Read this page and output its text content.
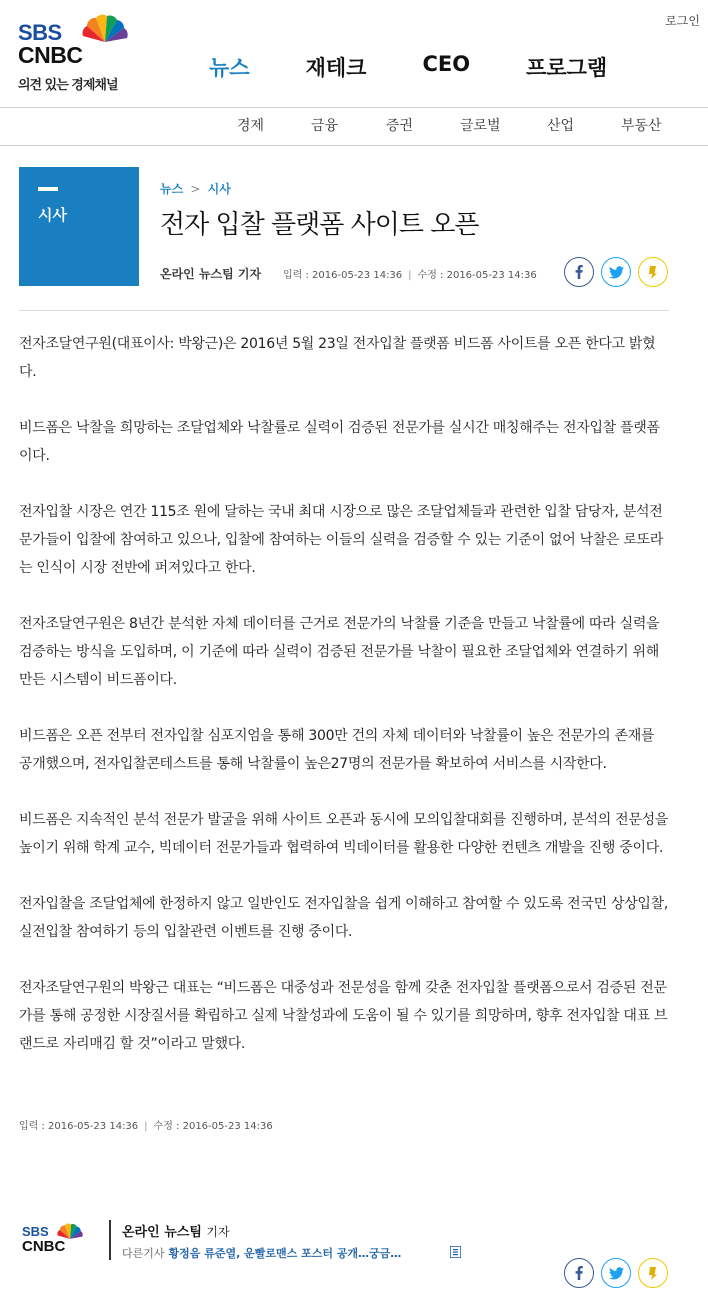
SBS
CNBC
의견 있는 경제채널
로그인
뉴스	재테크	CEO	프로그램
경제	금융	증권	글로벌	산업	부동산
시사
뉴스 > 시사
전자 입찰 플랫폼 사이트 오픈
온라인 뉴스팀 기자 입력 : 2016-05-23 14:36 | 수정 : 2016-05-23 14:36

전자조달연구원(대표이사: 박왕근)은 2016년 5월 23일 전자입찰 플랫폼 비드폼 사이트를 오픈 한다고 밝혔다.

비드폼은 낙찰을 희망하는 조달업체와 낙찰률로 실력이 검증된 전문가를 실시간 매칭해주는 전자입찰 플랫폼이다.

전자입찰 시장은 연간 115조 원에 달하는 국내 최대 시장으로 많은 조달업체들과 관련한 입찰 담당자, 분석전문가들이 입찰에 참여하고 있으나, 입찰에 참여하는 이들의 실력을 검증할 수 있는 기준이 없어 낙찰은 로또라는 인식이 시장 전반에 퍼져있다고 한다.

전자조달연구원은 8년간 분석한 자체 데이터를 근거로 전문가의 낙찰률 기준을 만들고 낙찰률에 따라 실력을 검증하는 방식을 도입하며, 이 기준에 따라 실력이 검증된 전문가를 낙찰이 필요한 조달업체와 연결하기 위해 만든 시스템이 비드폼이다.

비드폼은 오픈 전부터 전자입찰 심포지엄을 통해 300만 건의 자체 데이터와 낙찰률이 높은 전문가의 존재를 공개했으며, 전자입찰콘테스트를 통해 낙찰률이 높은27명의 전문가를 확보하여 서비스를 시작한다.

비드폼은 지속적인 분석 전문가 발굴을 위해 사이트 오픈과 동시에 모의입찰대회를 진행하며, 분석의 전문성을 높이기 위해 학계 교수, 빅데이터 전문가들과 협력하여 빅데이터를 활용한 다양한 컨텐츠 개발을 진행 중이다.

전자입찰을 조달업체에 한정하지 않고 일반인도 전자입찰을 쉽게 이해하고 참여할 수 있도록 전국민 상상입찰, 실전입찰 참여하기 등의 입찰관련 이벤트를 진행 중이다.

전자조달연구원의 박왕근 대표는 “비드폼은 대중성과 전문성을 함께 갖춘 전자입찰 플랫폼으로서 검증된 전문가를 통해 공정한 시장질서를 확립하고 실제 낙찰성과에 도움이 될 수 있기를 희망하며, 향후 전자입찰 대표 브랜드로 자리매김 할 것”이라고 말했다.

입력 : 2016-05-23 14:36 | 수정 : 2016-05-23 14:36
SBS
CNBC
온라인 뉴스팀 기자
다른기사 황정음 류준열, 운빨로맨스 포스터 공개…궁금…
